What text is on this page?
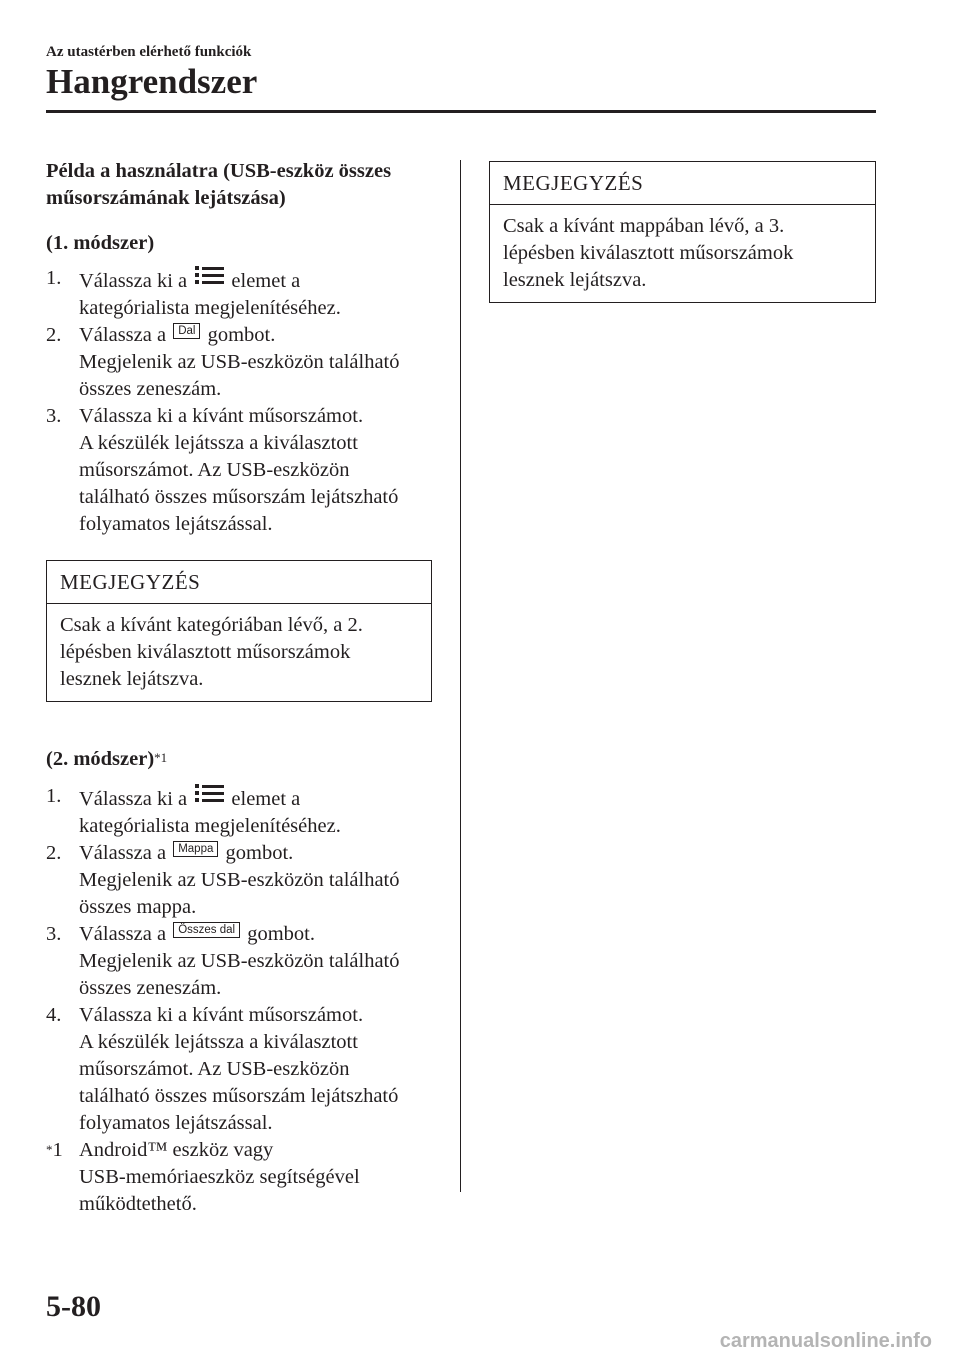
Az utastérben elérhető funkciók
Hangrendszer
Példa a használatra (USB-eszköz összes
műsorszámának lejátszása)
(1. módszer)
1. Válassza ki a elemet a
kategórialista megjelenítéséhez.
2. Válassza a Dal gombot.
Megjelenik az USB-eszközön található
összes zeneszám.
3. Válassza ki a kívánt műsorszámot.
A készülék lejátssza a kiválasztott
műsorszámot. Az USB-eszközön
található összes műsorszám lejátszható
folyamatos lejátszással.
MEGJEGYZÉS
Csak a kívánt kategóriában lévő, a 2.
lépésben kiválasztott műsorszámok
lesznek lejátszva.
(2. módszer)$^{*1}$
1. Válassza ki a elemet a
kategórialista megjelenítéséhez.
2. Válassza a Mappa gombot.
Megjelenik az USB-eszközön található
összes mappa.
3. Válassza a Összes dal gombot.
Megjelenik az USB-eszközön található
összes zeneszám.
4. Válassza ki a kívánt műsorszámot.
A készülék lejátssza a kiválasztott
műsorszámot. Az USB-eszközön
található összes műsorszám lejátszható
folyamatos lejátszással.
*1 Android™ eszköz vagy
USB-memóriaeszköz segítségével
működtethető.
MEGJEGYZÉS
Csak a kívánt mappában lévő, a 3.
lépésben kiválasztott műsorszámok
lesznek lejátszva.
5-80
carmanualsonline.info
